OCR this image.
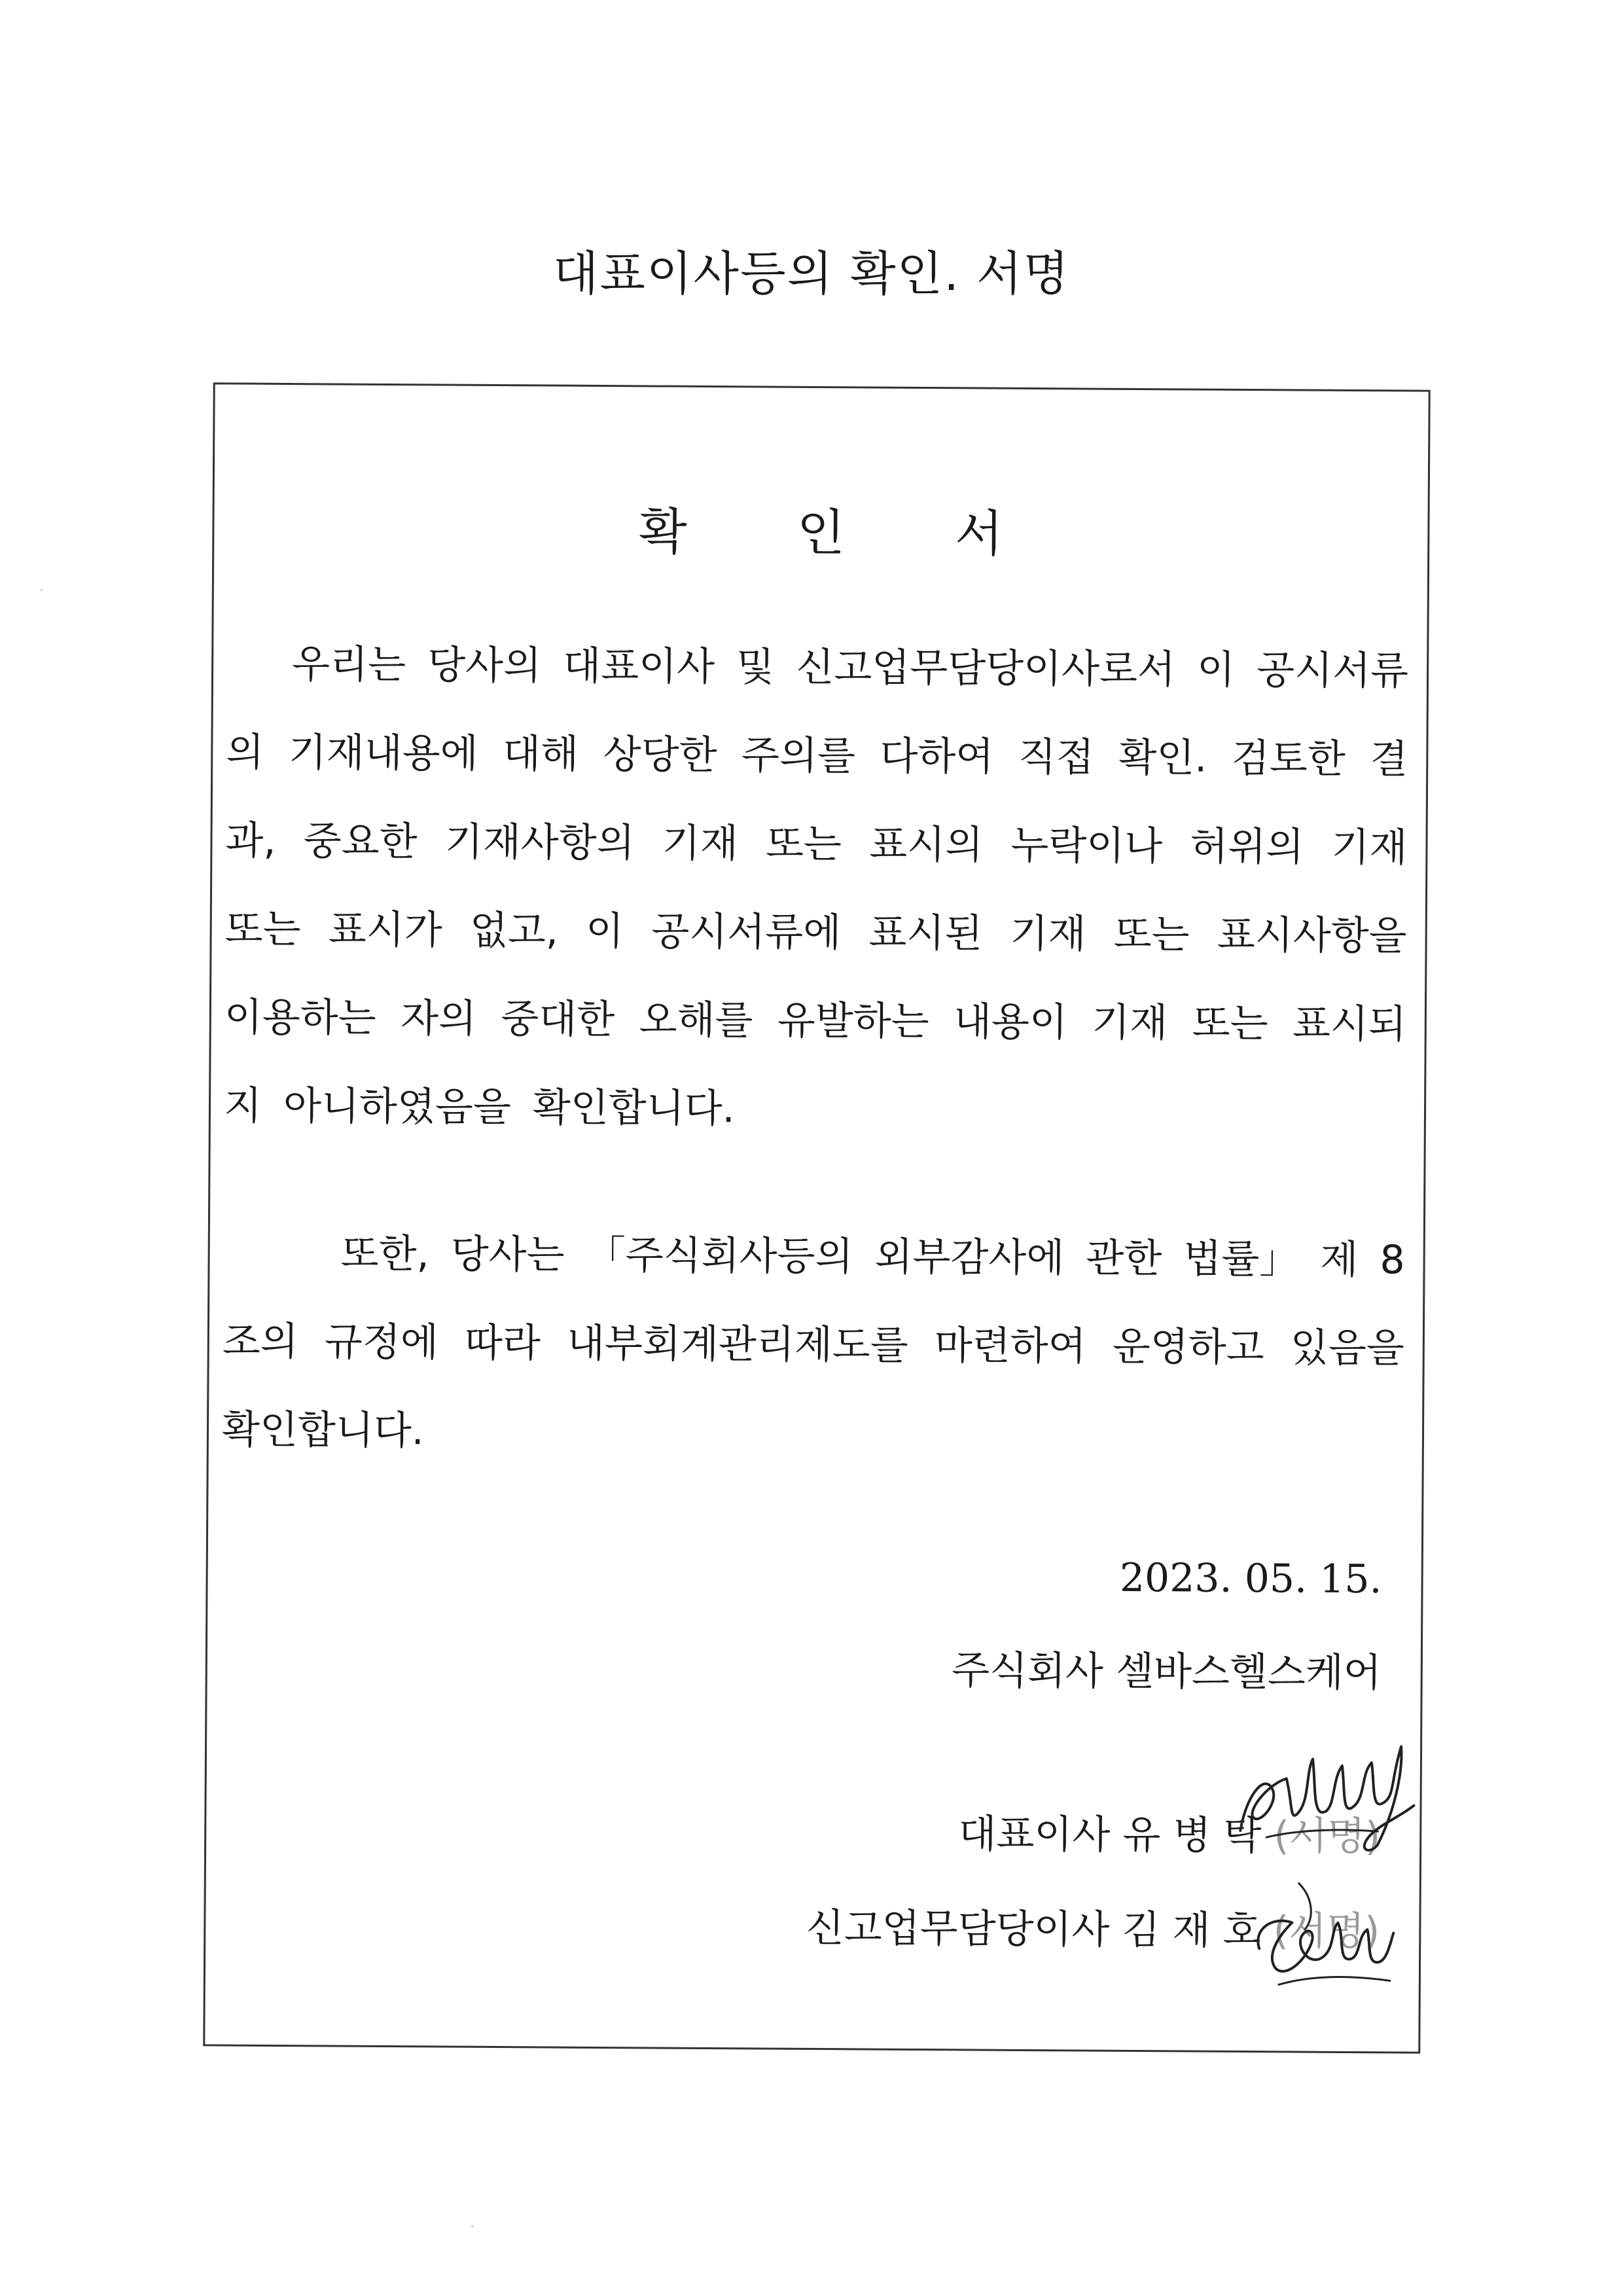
대표이사등의 확인. 서명
확 인 서
우리는 당사의 대표이사 및 신고업무담당이사로서 이 공시서류의 기재내용에 대해 상당한 주의를 다하여 직접 확인. 검토한 결과, 중요한 기재사항의 기재 또는 표시의 누락이나 허위의 기재 또는 표시가 없고, 이 공시서류에 표시된 기재 또는 표시사항을 이용하는 자의 중대한 오해를 유발하는 내용이 기재 또는 표시되지 아니하였음을 확인합니다.
또한, 당사는 「주식회사등의 외부감사에 관한 법률」 제 8 조의 규정에 따라 내부회계관리제도를 마련하여 운영하고 있음을 확인합니다.
2023. 05. 15.
주식회사 셀바스헬스케어
대표이사 유 병 탁 (서명)
신고업무담당이사 김 재 호 (서명)
